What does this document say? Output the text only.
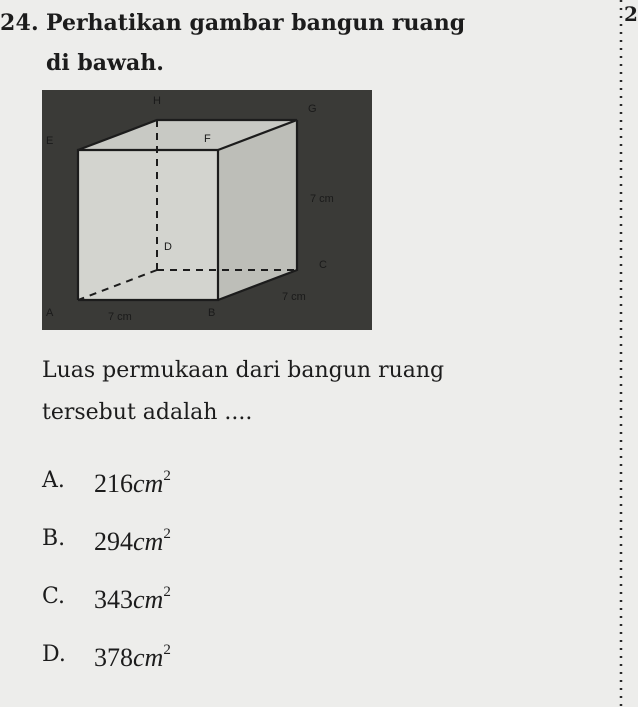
24. Perhatikan gambar bangun ruang
di bawah.
H
G
E	F
D
C
A	B
7 cm
7 cm
7 cm
Luas permukaan dari bangun ruang
tersebut adalah ....
A. $216cm^2$
B. $294cm^2$
C. $343cm^2$
D. $378cm^2$
2
